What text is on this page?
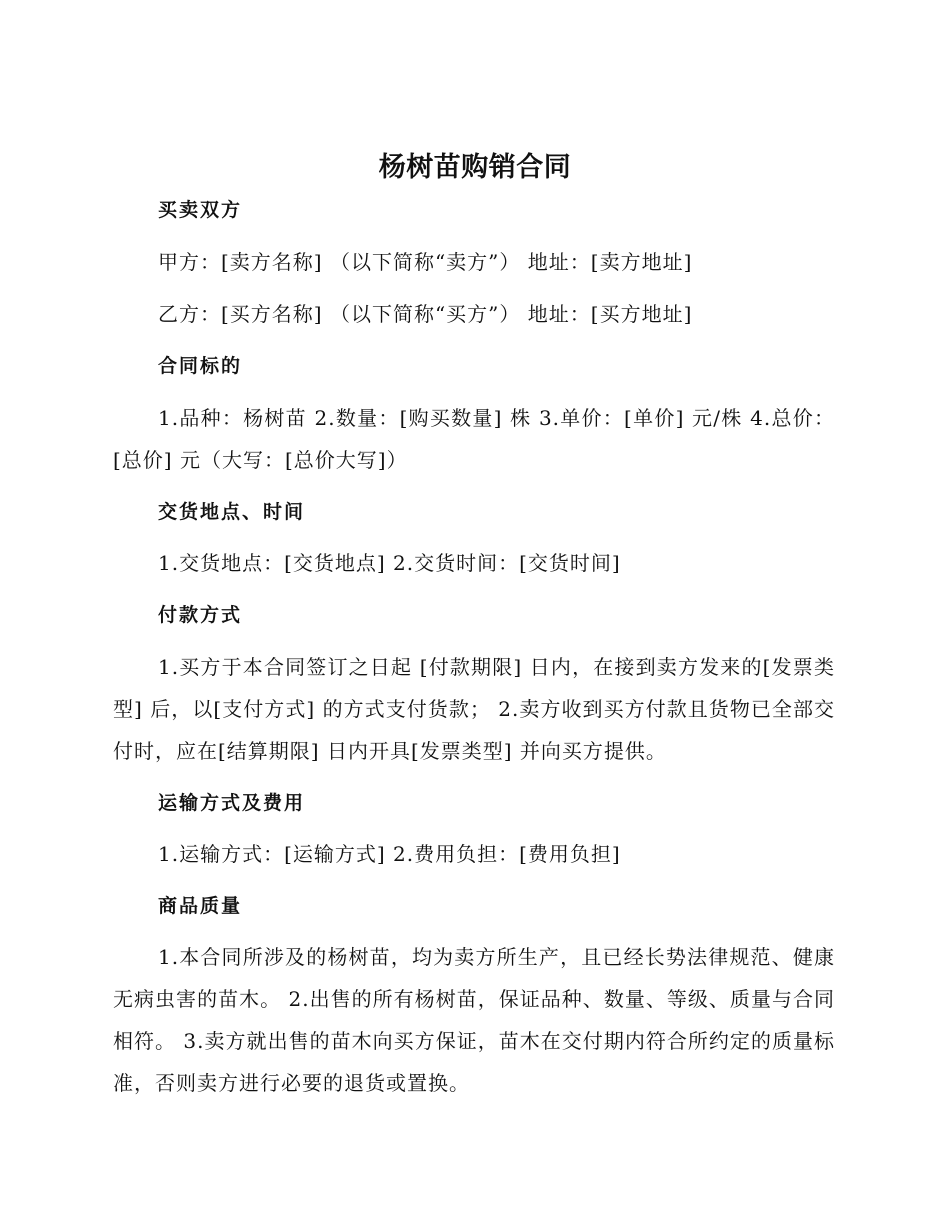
杨树苗购销合同
买卖双方

甲方：[卖方名称] （以下简称“卖方”） 地址：[卖方地址]

乙方：[买方名称] （以下简称“买方”） 地址：[买方地址]

合同标的

1.品种：杨树苗 2.数量：[购买数量] 株 3.单价：[单价] 元/株 4.总价：[总价] 元（大写：[总价大写]）

交货地点、时间

1.交货地点：[交货地点] 2.交货时间：[交货时间]

付款方式

1.买方于本合同签订之日起 [付款期限] 日内，在接到卖方发来的[发票类型] 后，以[支付方式] 的方式支付货款； 2.卖方收到买方付款且货物已全部交付时，应在[结算期限] 日内开具[发票类型] 并向买方提供。

运输方式及费用

1.运输方式：[运输方式] 2.费用负担：[费用负担]

商品质量

1.本合同所涉及的杨树苗，均为卖方所生产，且已经长势法律规范、健康无病虫害的苗木。 2.出售的所有杨树苗，保证品种、数量、等级、质量与合同相符。 3.卖方就出售的苗木向买方保证，苗木在交付期内符合所约定的质量标准，否则卖方进行必要的退货或置换。
